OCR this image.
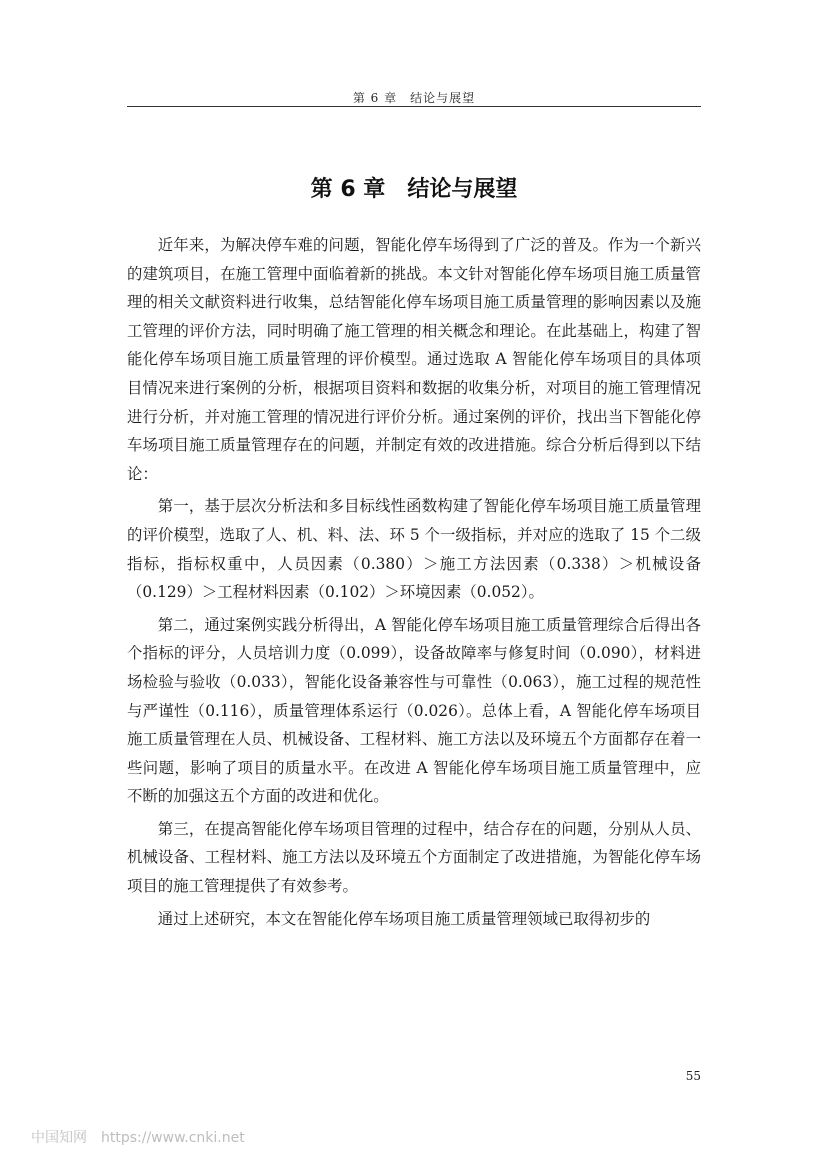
第 6 章　结论与展望
第 6 章 结论与展望

近年来，为解决停车难的问题，智能化停车场得到了广泛的普及。作为一个新兴的建筑项目，在施工管理中面临着新的挑战。本文针对智能化停车场项目施工质量管理的相关文献资料进行收集，总结智能化停车场项目施工质量管理的影响因素以及施工管理的评价方法，同时明确了施工管理的相关概念和理论。在此基础上，构建了智能化停车场项目施工质量管理的评价模型。通过选取 A 智能化停车场项目的具体项目情况来进行案例的分析，根据项目资料和数据的收集分析，对项目的施工管理情况进行分析，并对施工管理的情况进行评价分析。通过案例的评价，找出当下智能化停车场项目施工质量管理存在的问题，并制定有效的改进措施。综合分析后得到以下结论：

第一，基于层次分析法和多目标线性函数构建了智能化停车场项目施工质量管理的评价模型，选取了人、机、料、法、环 5 个一级指标，并对应的选取了 15 个二级指标，指标权重中，人员因素（0.380）＞施工方法因素（0.338）＞机械设备（0.129）＞工程材料因素（0.102）＞环境因素（0.052）。

第二，通过案例实践分析得出，A 智能化停车场项目施工质量管理综合后得出各个指标的评分，人员培训力度（0.099），设备故障率与修复时间（0.090），材料进场检验与验收（0.033），智能化设备兼容性与可靠性（0.063），施工过程的规范性与严谨性（0.116），质量管理体系运行（0.026）。总体上看，A 智能化停车场项目施工质量管理在人员、机械设备、工程材料、施工方法以及环境五个方面都存在着一些问题，影响了项目的质量水平。在改进 A 智能化停车场项目施工质量管理中，应不断的加强这五个方面的改进和优化。

第三，在提高智能化停车场项目管理的过程中，结合存在的问题，分别从人员、机械设备、工程材料、施工方法以及环境五个方面制定了改进措施，为智能化停车场项目的施工管理提供了有效参考。

通过上述研究，本文在智能化停车场项目施工质量管理领域已取得初步的

55
中国知网 https://www.cnki.net
